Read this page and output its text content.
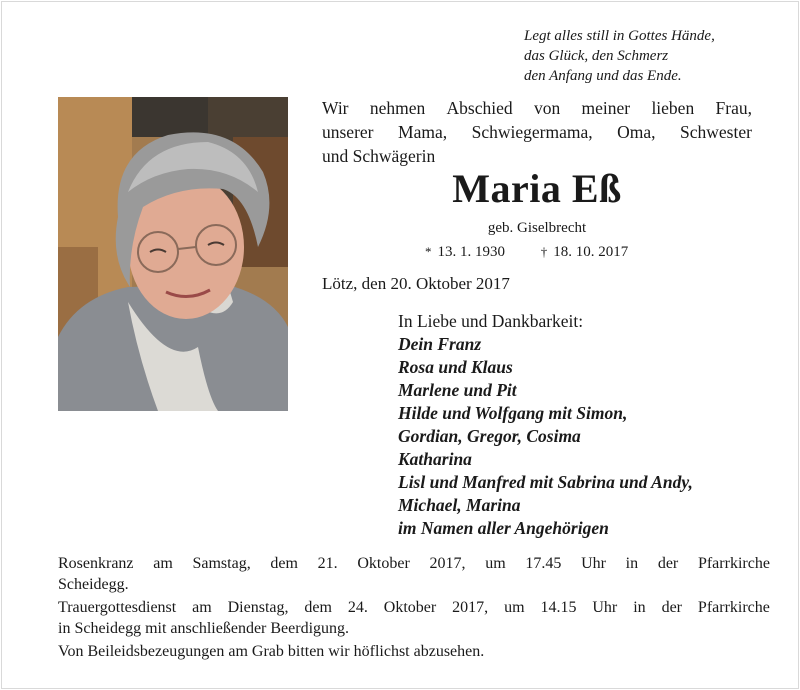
Legt alles still in Gottes Hände,
das Glück, den Schmerz
den Anfang und das Ende.
Wir nehmen Abschied von meiner lieben Frau,
unserer Mama, Schwiegermama, Oma, Schwester
und Schwägerin
Maria Eß
geb. Giselbrecht
* 13. 1. 1930	† 18. 10. 2017
Lötz, den 20. Oktober 2017
In Liebe und Dankbarkeit:
Dein Franz
Rosa und Klaus
Marlene und Pit
Hilde und Wolfgang mit Simon,
Gordian, Gregor, Cosima
Katharina
Lisl und Manfred mit Sabrina und Andy,
Michael, Marina
im Namen aller Angehörigen

Rosenkranz am Samstag, dem 21. Oktober 2017, um 17.45 Uhr in der Pfarrkirche
Scheidegg.

Trauergottesdienst am Dienstag, dem 24. Oktober 2017, um 14.15 Uhr in der Pfarrkirche
in Scheidegg mit anschließender Beerdigung.

Von Beileidsbezeugungen am Grab bitten wir höflichst abzusehen.
